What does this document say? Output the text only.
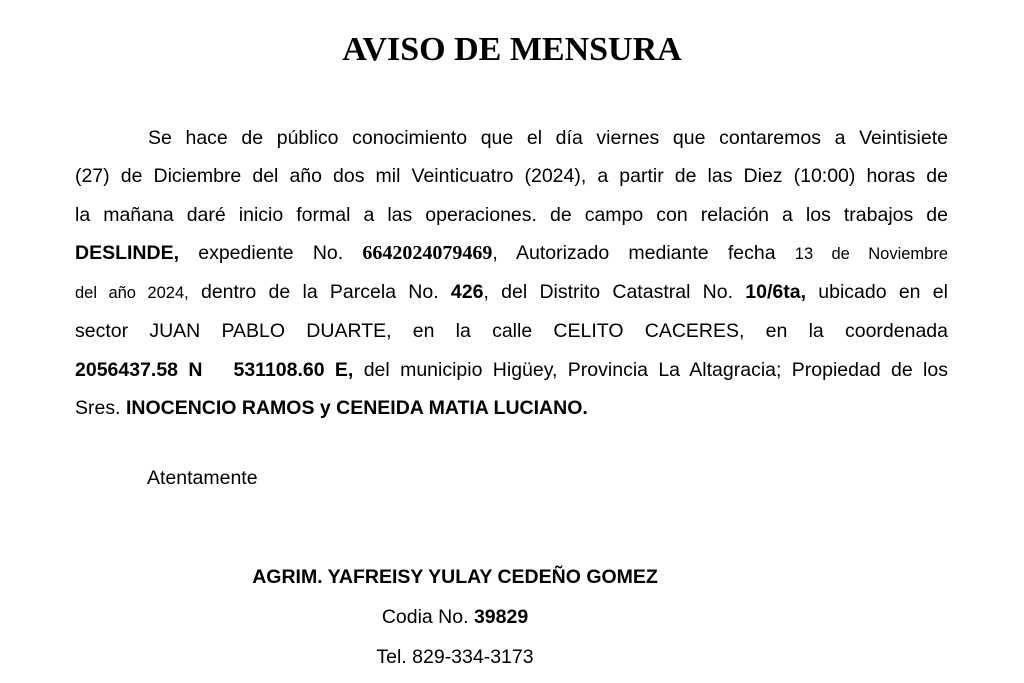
AVISO DE MENSURA
Se hace de público conocimiento que el día viernes que contaremos a Veintisiete
(27) de Diciembre del año dos mil Veinticuatro (2024), a partir de las Diez (10:00) horas de
la mañana daré inicio formal a las operaciones. de campo con relación a los trabajos de
DESLINDE, expediente No. 6642024079469, Autorizado mediante fecha 13 de Noviembre
del año 2024, dentro de la Parcela No. 426, del Distrito Catastral No. 10/6ta, ubicado en el
sector JUAN PABLO DUARTE, en la calle CELITO CACERES, en la coordenada
2056437.58 N   531108.60 E, del municipio Higüey, Provincia La Altagracia; Propiedad de los
Sres. INOCENCIO RAMOS y CENEIDA MATIA LUCIANO.
Atentamente
AGRIM. YAFREISY YULAY CEDEÑO GOMEZ
Codia No. 39829
Tel. 829-334-3173
